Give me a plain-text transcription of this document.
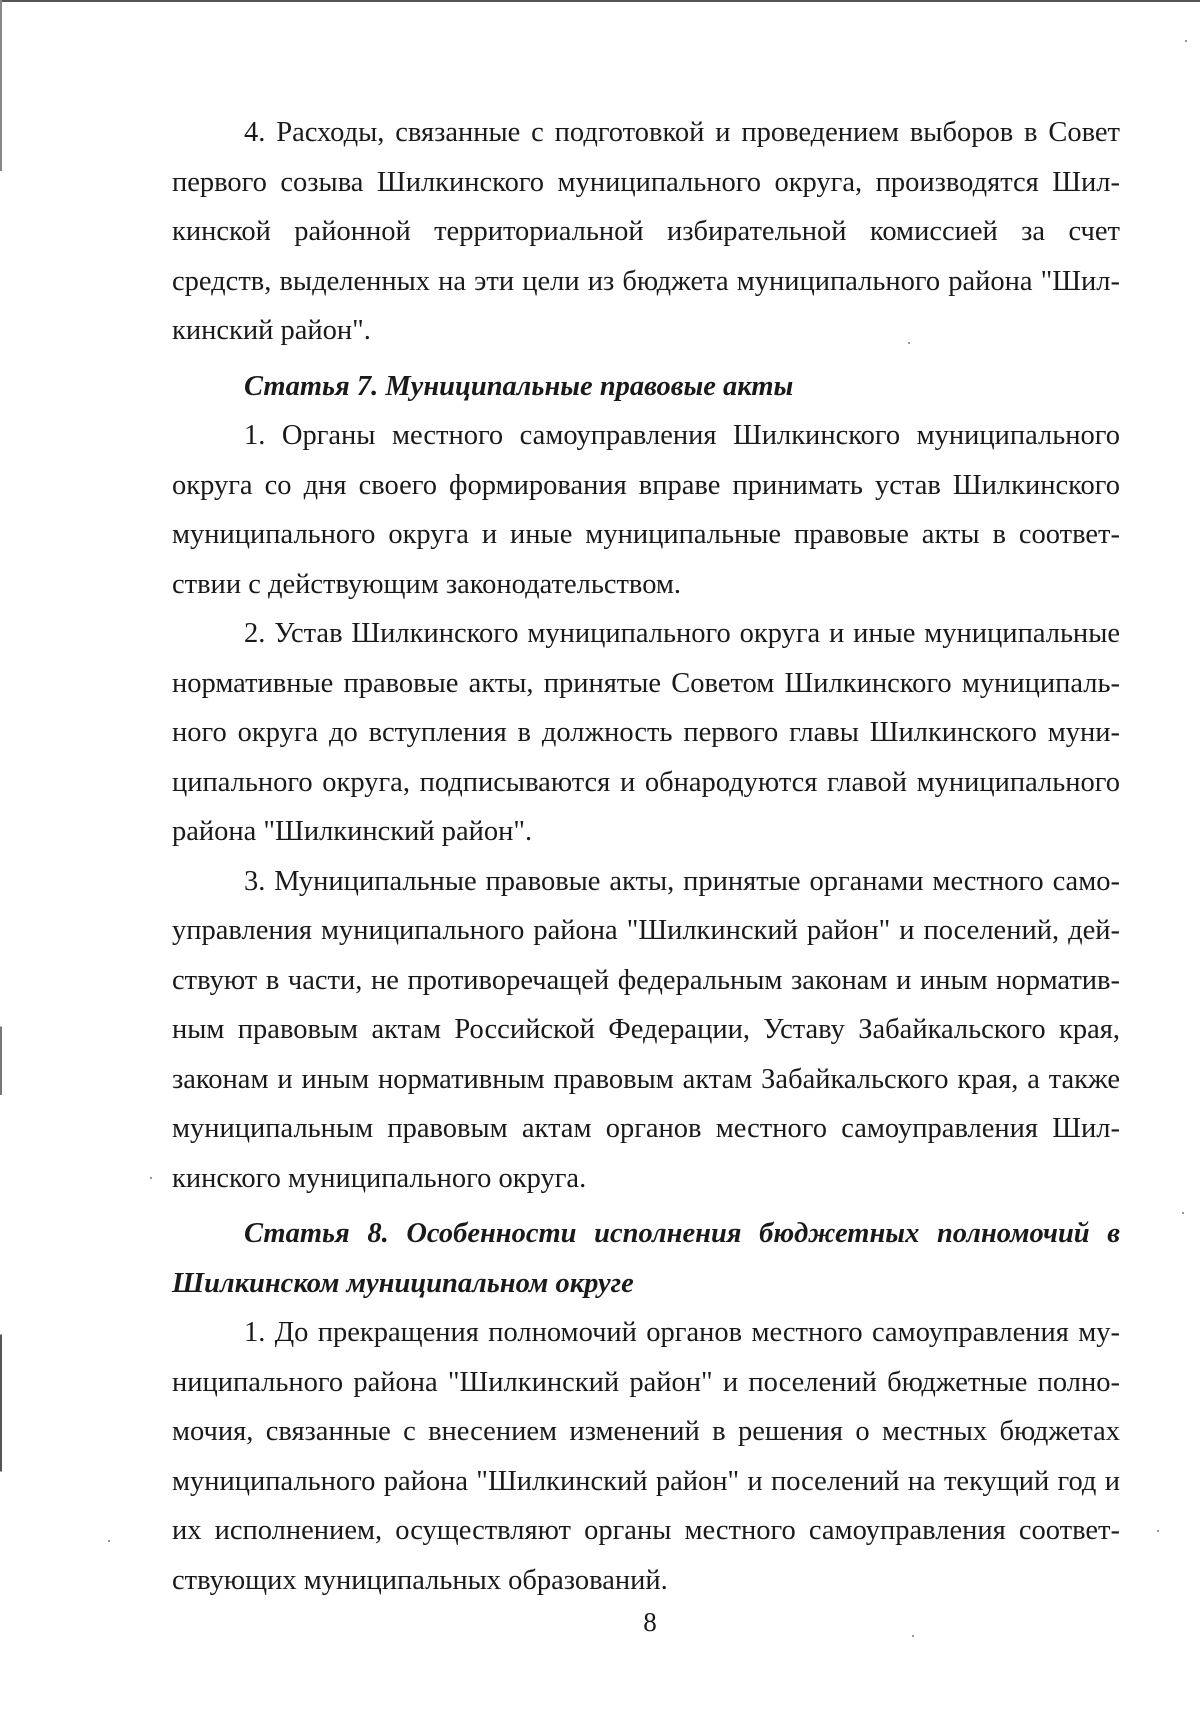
4. Расходы, связанные с подготовкой и проведением выборов в Совет первого созыва Шилкинского муниципального округа, производятся Шилкинской районной территориальной избирательной комиссией за счет средств, выделенных на эти цели из бюджета муниципального района "Шилкинский район".

Статья 7. Муниципальные правовые акты

1. Органы местного самоуправления Шилкинского муниципального округа со дня своего формирования вправе принимать устав Шилкинского муниципального округа и иные муниципальные правовые акты в соответствии с действующим законодательством.

2. Устав Шилкинского муниципального округа и иные муниципальные нормативные правовые акты, принятые Советом Шилкинского муниципального округа до вступления в должность первого главы Шилкинского муниципального округа, подписываются и обнародуются главой муниципального района "Шилкинский район".

3. Муниципальные правовые акты, принятые органами местного самоуправления муниципального района "Шилкинский район" и поселений, действуют в части, не противоречащей федеральным законам и иным нормативным правовым актам Российской Федерации, Уставу Забайкальского края, законам и иным нормативным правовым актам Забайкальского края, а также муниципальным правовым актам органов местного самоуправления Шилкинского муниципального округа.

Статья 8. Особенности исполнения бюджетных полномочий в Шилкинском муниципальном округе

1. До прекращения полномочий органов местного самоуправления муниципального района "Шилкинский район" и поселений бюджетные полномочия, связанные с внесением изменений в решения о местных бюджетах муниципального района "Шилкинский район" и поселений на текущий год и их исполнением, осуществляют органы местного самоуправления соответствующих муниципальных образований.

8
